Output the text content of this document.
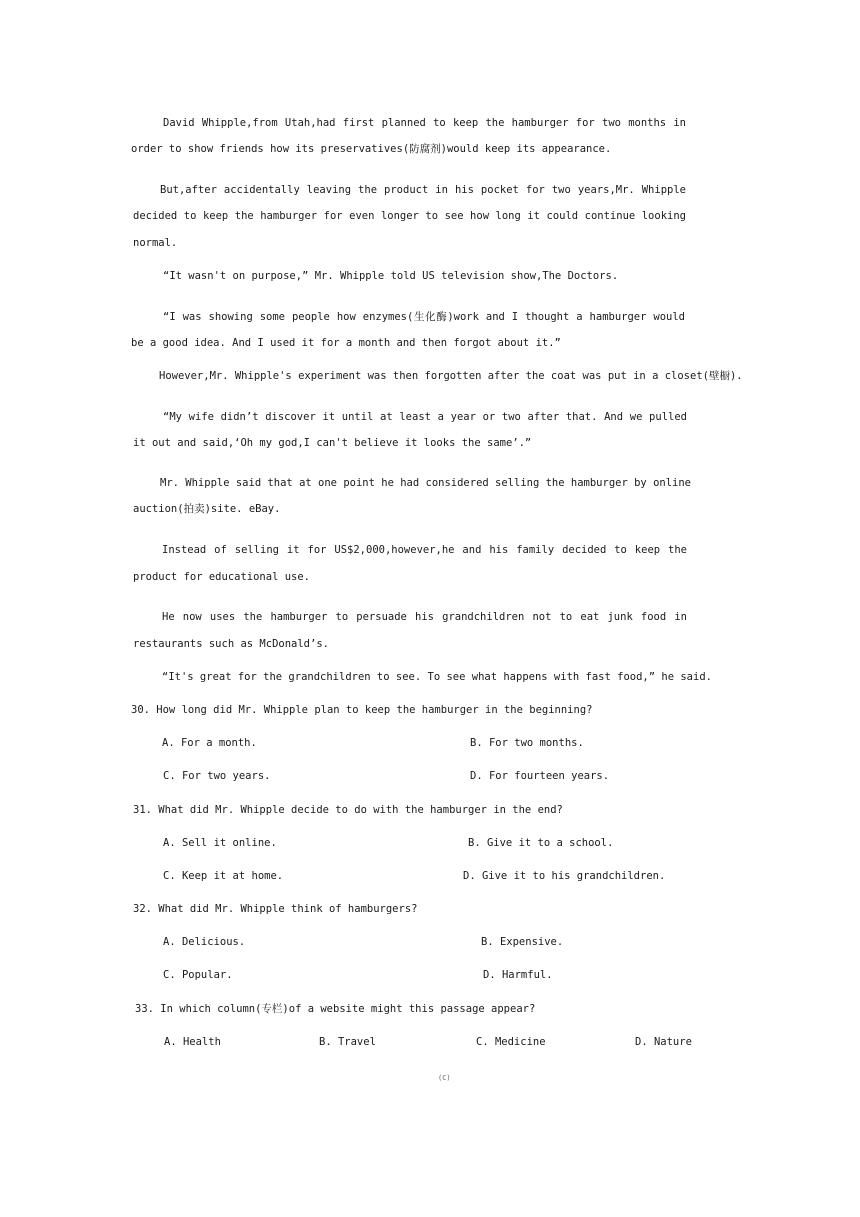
David Whipple,from Utah,had first planned to keep the hamburger for two months in
order to show friends how its preservatives(防腐剂)would keep its appearance.
But,after accidentally leaving the product in his pocket for two years,Mr. Whipple
decided to keep the hamburger for even longer to see how long it could continue looking
normal.
“It wasn't on purpose,” Mr. Whipple told US television show,The Doctors.
“I was showing some people how enzymes(生化酶)work and I thought a hamburger would
be a good idea. And I used it for a month and then forgot about it.”
However,Mr. Whipple's experiment was then forgotten after the coat was put in a closet(壁橱).
“My wife didn’t discover it until at least a year or two after that. And we pulled
it out and said,‘Oh my god,I can't believe it looks the same’.”
Mr. Whipple said that at one point he had considered selling the hamburger by online
auction(拍卖)site. eBay.
Instead of selling it for US$2,000,however,he and his family decided to keep the
product for educational use.
He now uses the hamburger to persuade his grandchildren not to eat junk food in
restaurants such as McDonald’s.
“It's great for the grandchildren to see. To see what happens with fast food,” he said.
30. How long did Mr. Whipple plan to keep the hamburger in the beginning?
A. For a month.	B. For two months.
C. For two years.	D. For fourteen years.
31. What did Mr. Whipple decide to do with the hamburger in the end?
A. Sell it online.	B. Give it to a school.
C. Keep it at home.	D. Give it to his grandchildren.
32. What did Mr. Whipple think of hamburgers?
A. Delicious.	B. Expensive.
C. Popular.	D. Harmful.
33. In which column(专栏)of a website might this passage appear?
A. Health	B. Travel	C. Medicine	D. Nature
(C)
